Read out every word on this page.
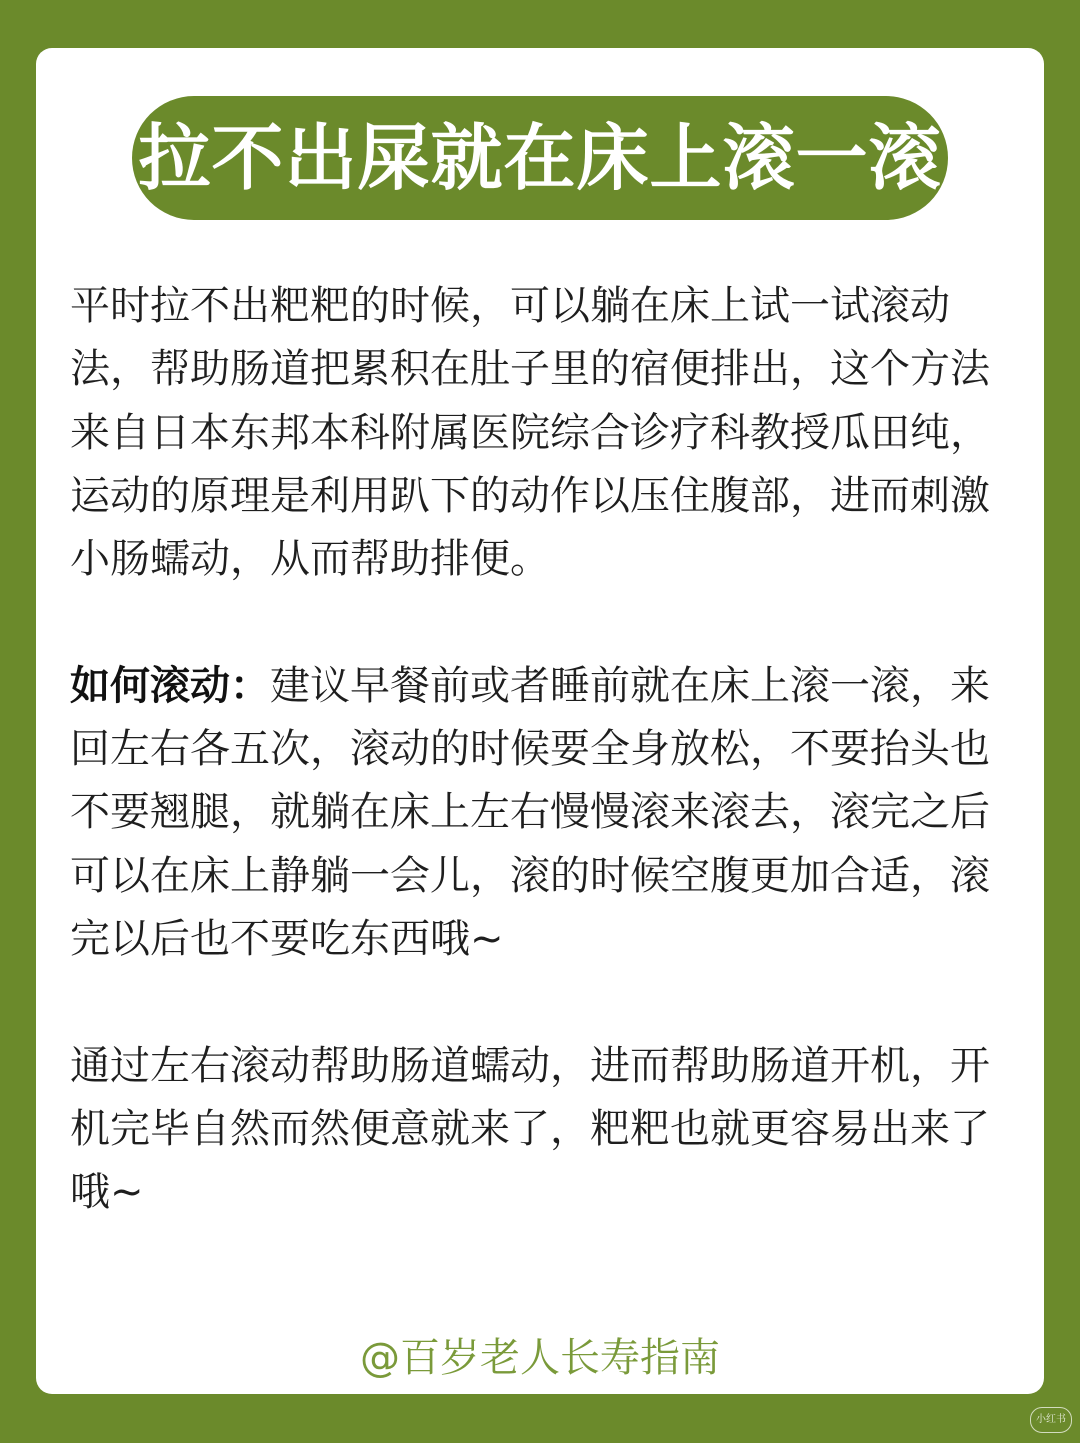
拉不出屎就在床上滚一滚

平时拉不出粑粑的时候，可以躺在床上试一试滚动法，帮助肠道把累积在肚子里的宿便排出，这个方法来自日本东邦本科附属医院综合诊疗科教授瓜田纯，运动的原理是利用趴下的动作以压住腹部，进而刺激小肠蠕动，从而帮助排便。

如何滚动：建议早餐前或者睡前就在床上滚一滚，来回左右各五次，滚动的时候要全身放松，不要抬头也不要翘腿，就躺在床上左右慢慢滚来滚去，滚完之后可以在床上静躺一会儿，滚的时候空腹更加合适，滚完以后也不要吃东西哦~

通过左右滚动帮助肠道蠕动，进而帮助肠道开机，开机完毕自然而然便意就来了，粑粑也就更容易出来了哦~

@百岁老人长寿指南
小红书
